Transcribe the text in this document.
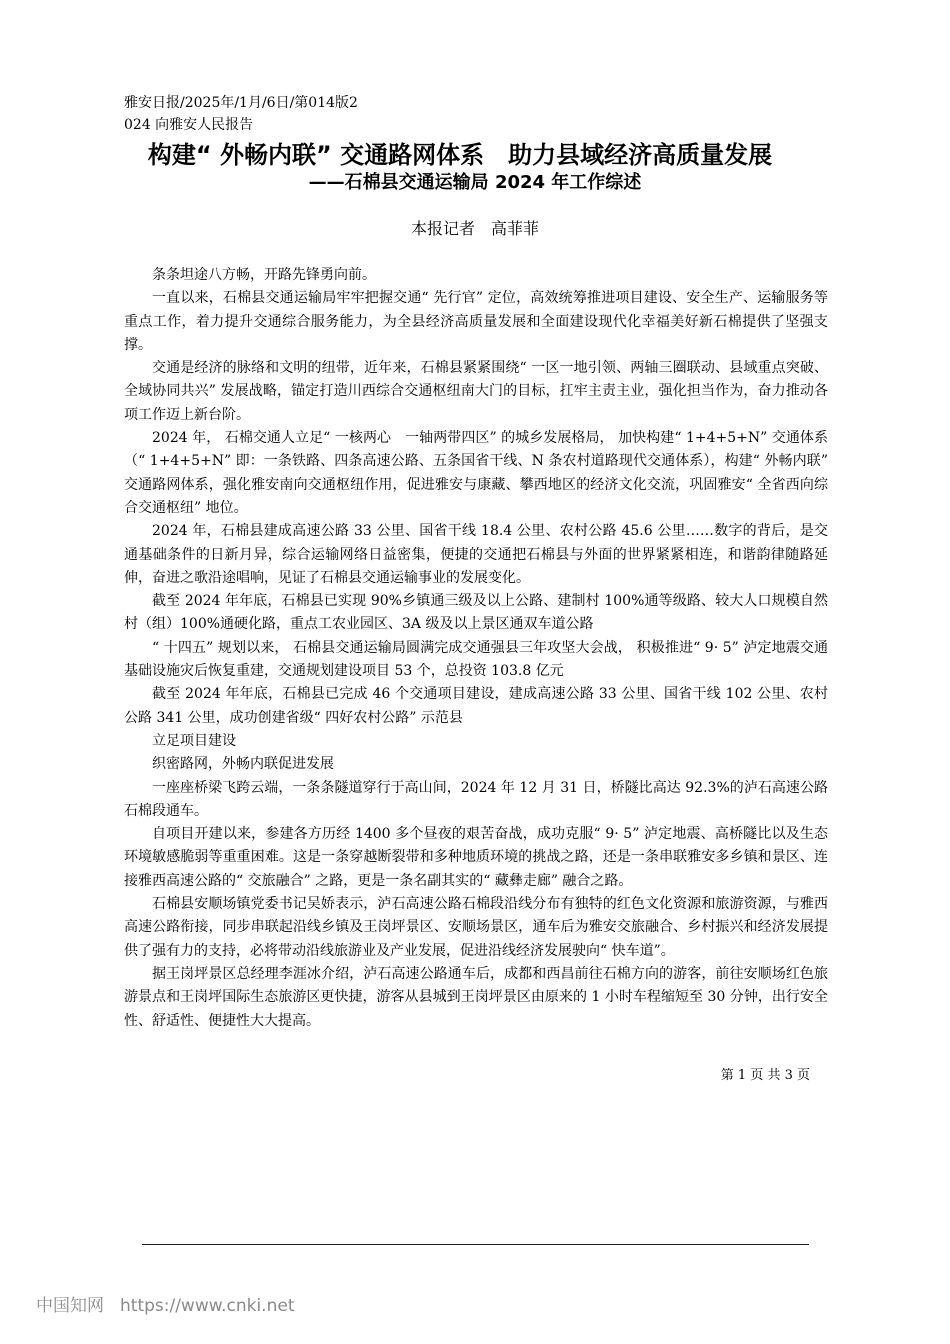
雅安日报/2025年/1月/6日/第014版2024 向雅安人民报告
构建“ 外畅内联” 交通路网体系　助力县域经济高质量发展
——石棉县交通运输局 2024 年工作综述
本报记者　高菲菲

条条坦途八方畅，开路先锋勇向前。

一直以来，石棉县交通运输局牢牢把握交通“ 先行官” 定位，高效统筹推进项目建设、安全生产、运输服务等重点工作，着力提升交通综合服务能力，为全县经济高质量发展和全面建设现代化幸福美好新石棉提供了坚强支撑。

交通是经济的脉络和文明的纽带，近年来，石棉县紧紧围绕“ 一区一地引领、两轴三圈联动、县域重点突破、全域协同共兴” 发展战略，锚定打造川西综合交通枢纽南大门的目标，扛牢主责主业，强化担当作为，奋力推动各项工作迈上新台阶。

2024 年， 石棉交通人立足“ 一核两心　一轴两带四区” 的城乡发展格局， 加快构建“ 1+4+5+N” 交通体系（“ 1+4+5+N” 即：一条铁路、四条高速公路、五条国省干线、N 条农村道路现代交通体系），构建“ 外畅内联” 交通路网体系，强化雅安南向交通枢纽作用，促进雅安与康藏、攀西地区的经济文化交流，巩固雅安“ 全省西向综合交通枢纽” 地位。

2024 年，石棉县建成高速公路 33 公里、国省干线 18.4 公里、农村公路 45.6 公里……数字的背后，是交通基础条件的日新月异，综合运输网络日益密集，便捷的交通把石棉县与外面的世界紧紧相连，和谐韵律随路延伸，奋进之歌沿途唱响，见证了石棉县交通运输事业的发展变化。

截至 2024 年年底，石棉县已实现 90%乡镇通三级及以上公路、建制村 100%通等级路、较大人口规模自然村（组）100%通硬化路，重点工农业园区、3A 级及以上景区通双车道公路

“ 十四五” 规划以来， 石棉县交通运输局圆满完成交通强县三年攻坚大会战， 积极推进“ 9· 5” 泸定地震交通基础设施灾后恢复重建，交通规划建设项目 53 个，总投资 103.8 亿元

截至 2024 年年底，石棉县已完成 46 个交通项目建设，建成高速公路 33 公里、国省干线 102 公里、农村公路 341 公里，成功创建省级“ 四好农村公路” 示范县

立足项目建设

织密路网，外畅内联促进发展

一座座桥梁飞跨云端，一条条隧道穿行于高山间，2024 年 12 月 31 日，桥隧比高达 92.3%的泸石高速公路石棉段通车。

自项目开建以来，参建各方历经 1400 多个昼夜的艰苦奋战，成功克服“ 9· 5” 泸定地震、高桥隧比以及生态环境敏感脆弱等重重困难。这是一条穿越断裂带和多种地质环境的挑战之路，还是一条串联雅安多乡镇和景区、连接雅西高速公路的“ 交旅融合” 之路，更是一条名副其实的“ 藏彝走廊” 融合之路。

石棉县安顺场镇党委书记吴娇表示，泸石高速公路石棉段沿线分布有独特的红色文化资源和旅游资源，与雅西高速公路衔接，同步串联起沿线乡镇及王岗坪景区、安顺场景区，通车后为雅安交旅融合、乡村振兴和经济发展提供了强有力的支持，必将带动沿线旅游业及产业发展，促进沿线经济发展驶向“ 快车道”。

据王岗坪景区总经理李涯冰介绍，泸石高速公路通车后，成都和西昌前往石棉方向的游客，前往安顺场红色旅游景点和王岗坪国际生态旅游区更快捷，游客从县城到王岗坪景区由原来的 1 小时车程缩短至 30 分钟，出行安全性、舒适性、便捷性大大提高。

第 1 页 共 3 页
中国知网 https://www.cnki.net
